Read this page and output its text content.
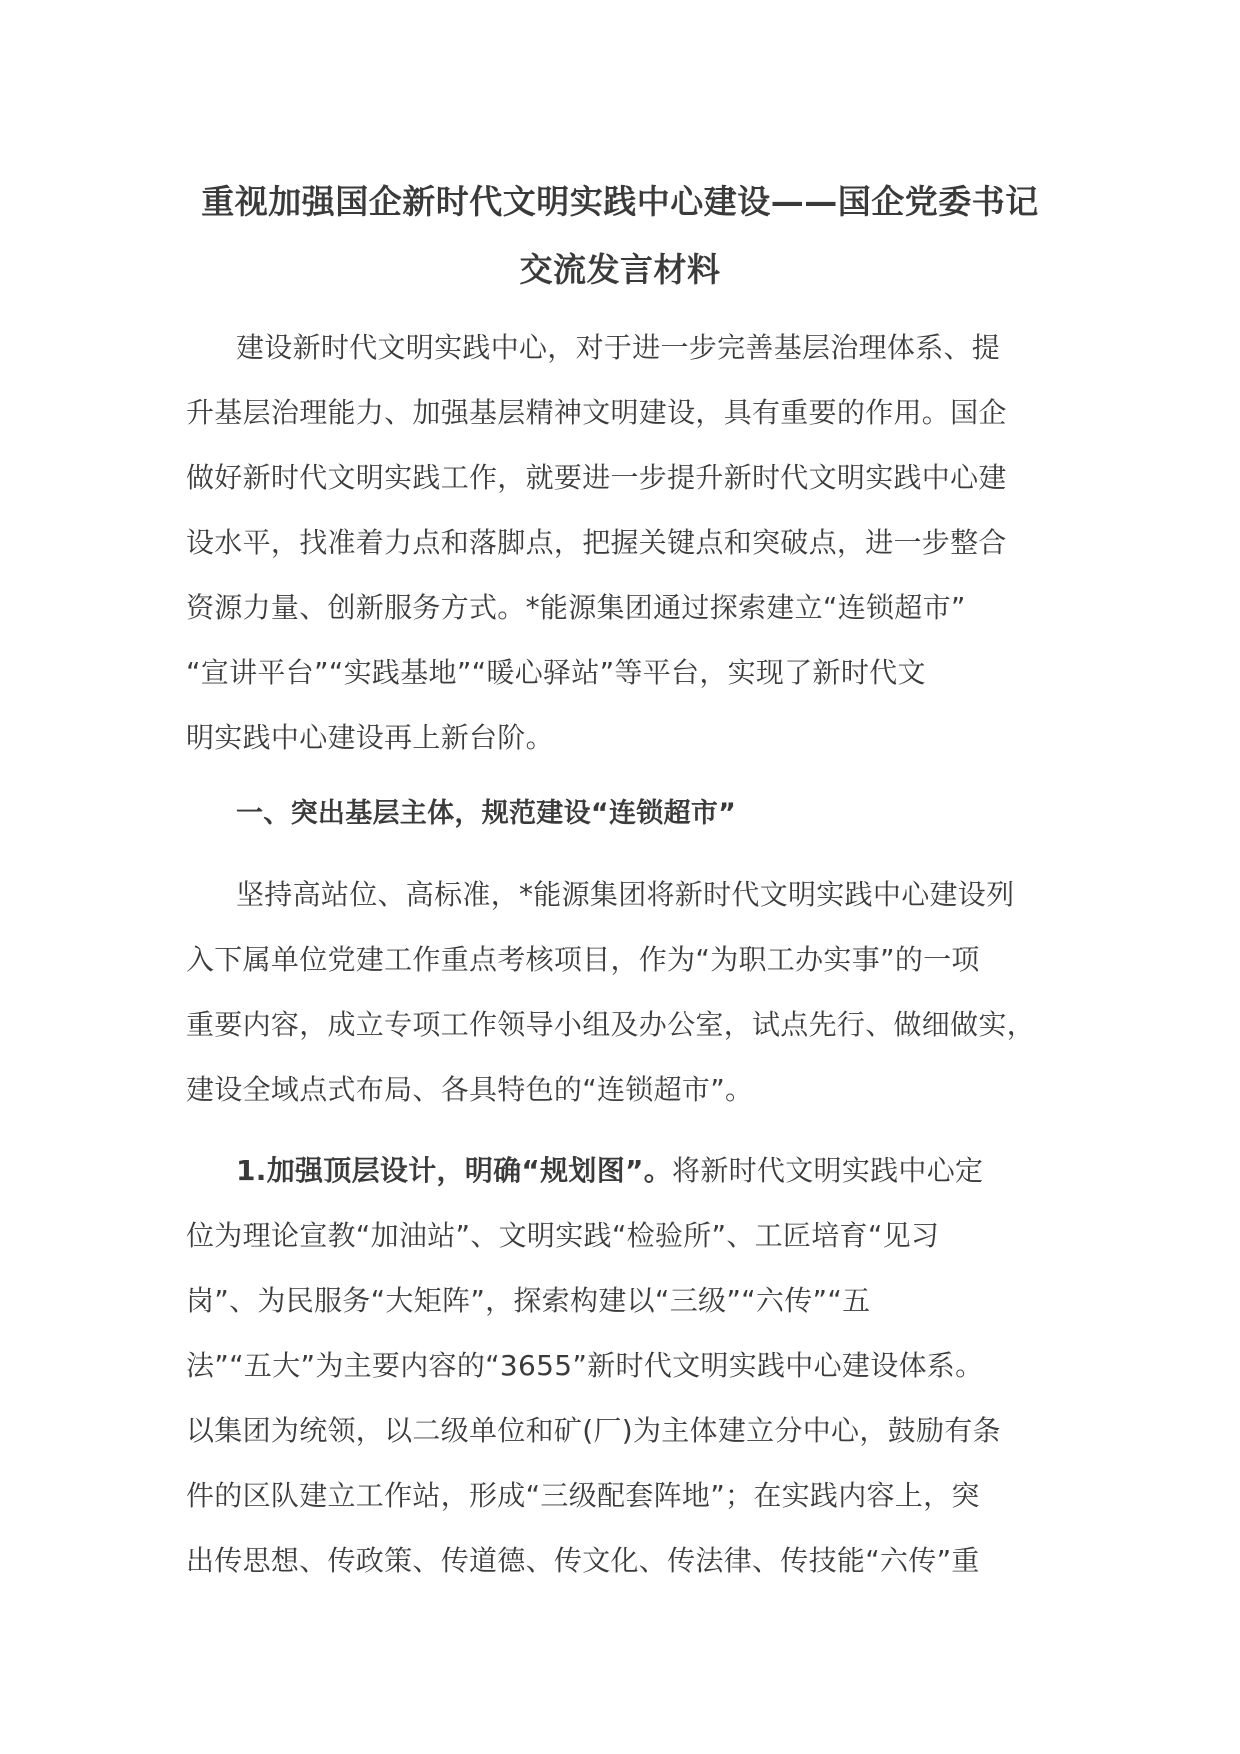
重视加强国企新时代文明实践中心建设——国企党委书记
交流发言材料
建设新时代文明实践中心，对于进一步完善基层治理体系、提
升基层治理能力、加强基层精神文明建设，具有重要的作用。国企
做好新时代文明实践工作，就要进一步提升新时代文明实践中心建
设水平，找准着力点和落脚点，把握关键点和突破点，进一步整合
资源力量、创新服务方式。*能源集团通过探索建立“连锁超市”
“宣讲平台”“实践基地”“暖心驿站”等平台，实现了新时代文
明实践中心建设再上新台阶。
一、突出基层主体，规范建设“连锁超市”
坚持高站位、高标准，*能源集团将新时代文明实践中心建设列
入下属单位党建工作重点考核项目，作为“为职工办实事”的一项
重要内容，成立专项工作领导小组及办公室，试点先行、做细做实，
建设全域点式布局、各具特色的“连锁超市”。
1.加强顶层设计，明确“规划图”。将新时代文明实践中心定
位为理论宣教“加油站”、文明实践“检验所”、工匠培育“见习
岗”、为民服务“大矩阵”，探索构建以“三级”“六传”“五
法”“五大”为主要内容的“3655”新时代文明实践中心建设体系。
以集团为统领，以二级单位和矿(厂)为主体建立分中心，鼓励有条
件的区队建立工作站，形成“三级配套阵地”；在实践内容上，突
出传思想、传政策、传道德、传文化、传法律、传技能“六传”重
